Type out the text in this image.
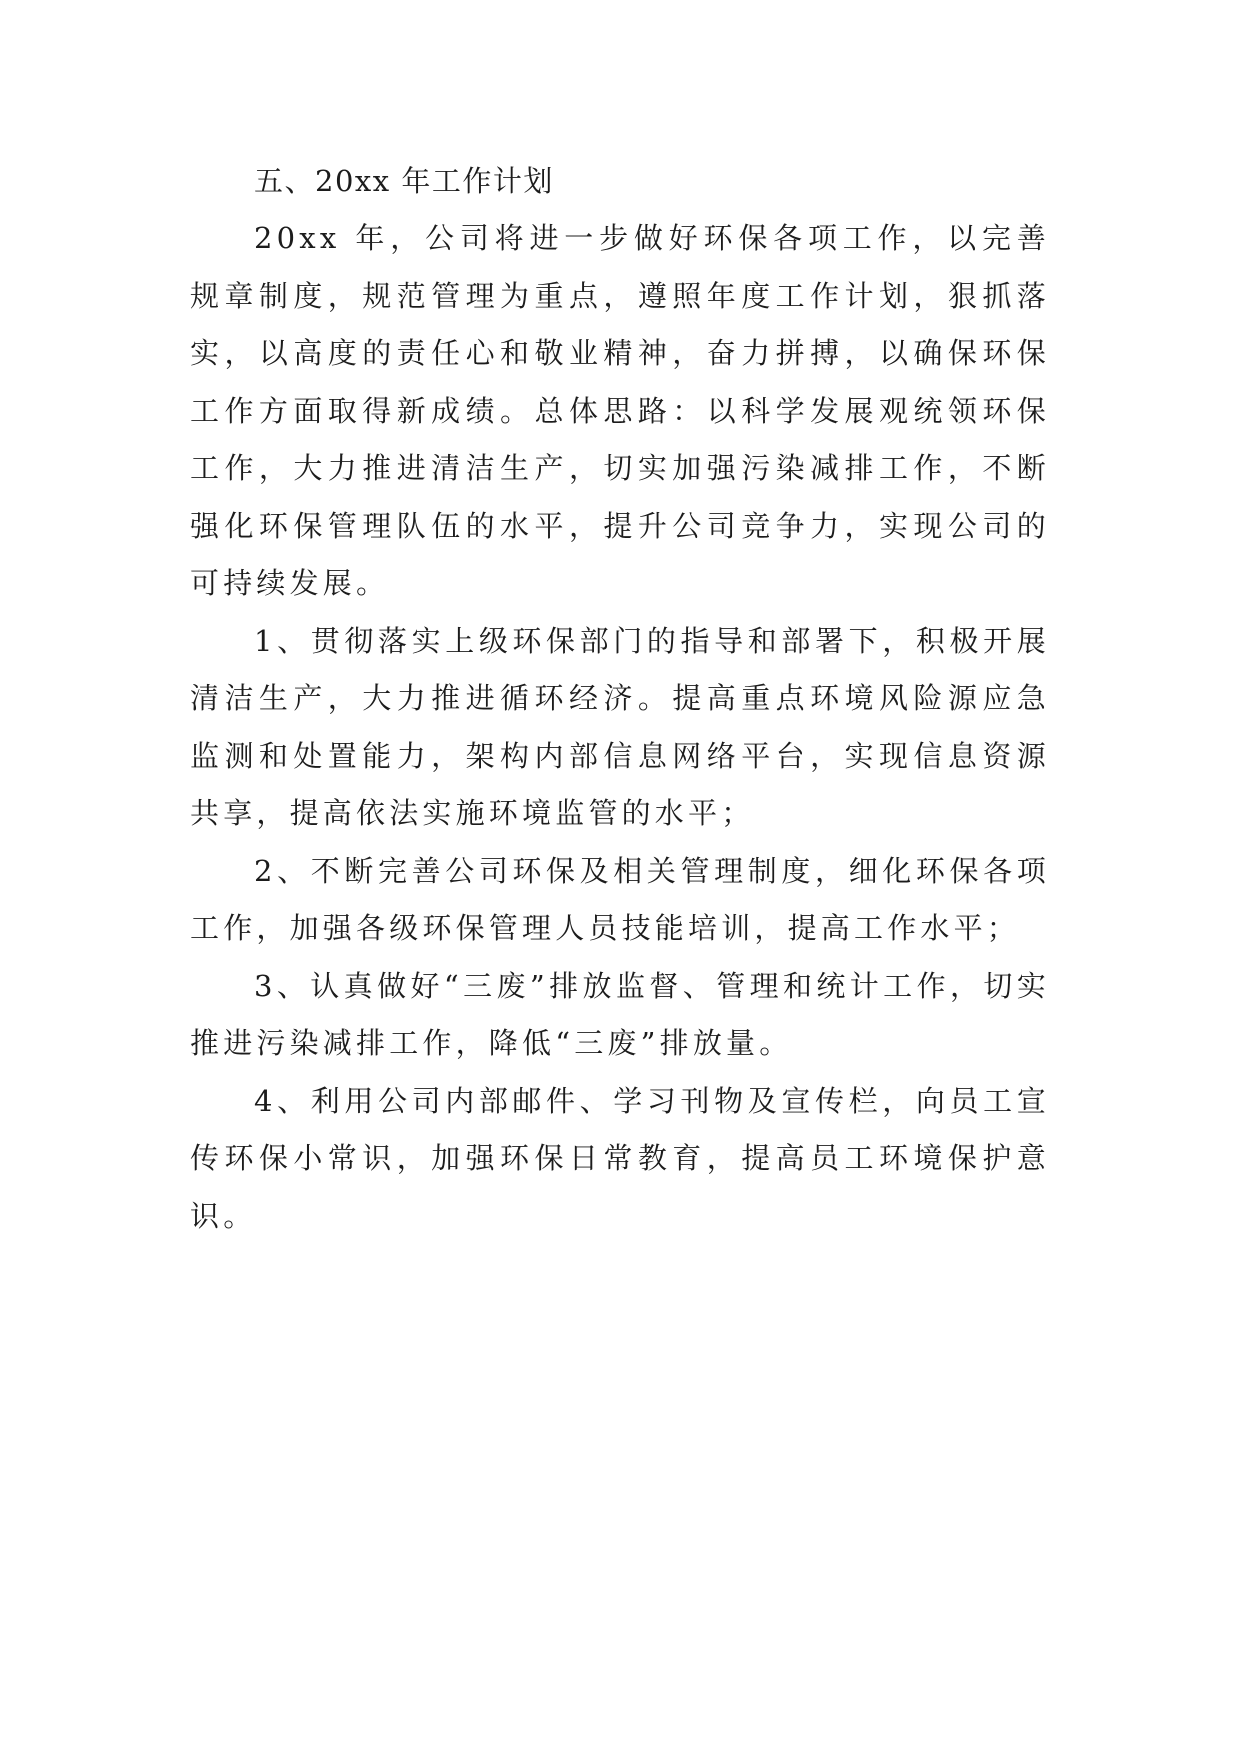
五、20xx 年工作计划

20xx 年，公司将进一步做好环保各项工作，以完善规章制度，规范管理为重点，遵照年度工作计划，狠抓落实，以高度的责任心和敬业精神，奋力拼搏，以确保环保工作方面取得新成绩。总体思路：以科学发展观统领环保工作，大力推进清洁生产，切实加强污染减排工作，不断强化环保管理队伍的水平，提升公司竞争力，实现公司的可持续发展。

1、贯彻落实上级环保部门的指导和部署下，积极开展清洁生产，大力推进循环经济。提高重点环境风险源应急监测和处置能力，架构内部信息网络平台，实现信息资源共享，提高依法实施环境监管的水平；

2、不断完善公司环保及相关管理制度，细化环保各项工作，加强各级环保管理人员技能培训，提高工作水平；

3、认真做好“三废”排放监督、管理和统计工作，切实推进污染减排工作，降低“三废”排放量。

4、利用公司内部邮件、学习刊物及宣传栏，向员工宣传环保小常识，加强环保日常教育，提高员工环境保护意识。
